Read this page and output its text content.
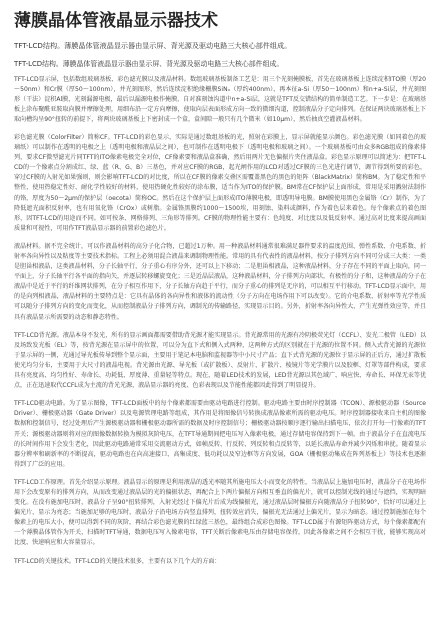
薄膜晶体管液晶显示器技术

TFT-LCD结构。薄膜晶体管液晶显示器由显示屏、背光源及驱动电路三大核心部件组成。

TFT-LCD结构。薄膜晶体管液晶显示器由显示屏、背光源及驱动电路三大核心部件组成。

TFT-LCD显示屏，包括数组玻璃基板、彩色滤光膜以及液晶材料。数组玻璃基板制备工艺是：用三个光刻掩膜板，首先在玻璃基板上连续淀积ITO膜（厚20～50nm）和Cr膜（厚50～100nm），并光刻图形，然后连续淀积绝缘栅膜SiNₓ（厚约400nm）、再本征a-Si（厚50～100nm）和n+a-Si层，并光刻图形（干法）淀积Al膜，光刻漏源电极，最后以漏源电极作掩膜，自对准刻蚀沟道中n+a-Si层，这就是TFT反交错结构的简单制造工艺。下一步是：在玻璃基板上涂布聚酰亚胺取向膜并摩擦处理，用细布沿一定方向摩擦，使取向层表面形成方向一致的微细沟道，控制液晶分子定向排列。在保证两块玻璃基板上下取向槽沟呈90°扭转的前提下，将两块玻璃基板上下密封成一个盒，盒间隙一般只有几个微米（如10μm），然后抽真空灌液晶材料。

彩色滤光膜（ColorFilter）简称CF。TFT-LCD的彩色显示，实际是通过数组基板的光，照射在彩膜上，显示屏就能显示颜色。彩色滤光膜（如同着色的玻璃纸）可以制作在透明的电极之上（透明电极和液晶层之间），也可制作在透明电极下（透明电极和玻璃之间）。一个玻璃基板可由众多RGB组成的像素排列，要求CF微型滤光片同TFT的ITO像素电极完全对位，CF像素要和液晶盒准确，然后用两片无色偏振片夹住液晶盒。彩色显示原理可以简述为：把TFT-LCD的一个像素点分割成红、绿、蓝（R、G、B）三基色，并对应CF膜的RGB，起光闸作用的LCD对透过CF膜的三色光进行调节，调节得到所要的彩色，穿过CF膜的入射光如果强则，则会影响TFT-LCD的对比度，所以在CF膜的像素交叠区需覆盖黑色的黑色的矩阵（BlackMatrix）简称BM。为了稳定性和平整性，使用热稳定性好、耐化学性较好的材料，使用热硬化性较好的涂布膜，适当作为ITO的保护膜。BM常在CF保护层上面形成，常用是采用溅射法制作的铬，厚度为50～2μm的保护层（oecota）简称OC。然后在这个保护层上面形成ITO薄膜电极，即透明导电膜。BM膜使用黑色金属铬（Cr）制作，为了降低遮光面积反射率，也有用氧化铬（CrOx）或树脂。金属铬黑膜约1000～1500埃，用刻蚀、染料或颜料，作为着色层来着色。每个像素点的着色图形，因TFT-LCD的用途而不同。如可按条、网格排列、三角形等排列。CF膜的物理性能主要有：色纯度、对比度以及低反射率。通过高对比度来提高画面质量和可视性，可用作TFT液晶显示器的前置彩色滤色片。

液晶材料。据不完全统计，可以作液晶材料的高分子化合物，已超过1万种。用一种液晶材料通常很难满足器件要求的温度范围、弹性系数、介电系数、折射率各向异性以及粘度等主要技术指标。工程上必须用混合液晶来调制物理性能。常用的具有代表性的液晶材料，按分子排列方向不同可分成三大类：一类是胆甾相液晶，这类液晶材料，分子长轴平行，分子重心有序分外，还可以上下移动；二是胆甾相液晶，这种液晶材料，分子存在不同的平面上取向，同一平面上，分子长轴平行各平面的指向矢，并逐层转移螺旋变化；三是近晶层液晶，这种液晶材料，分子排列方向部状，有极性的分子和，这种液晶的分子在液晶中是近于平行的纤维网状排列，在分子相互作用下，分子长轴方向趋于平行，而分子重心的排列是无序的，可以相互平行移动。TFT-LCD显示面中，用的是向列相液晶，液晶材料的主要特点是：它具有晶体的各向异性和液体的流动性（分子方向在电场作用下可以改变）。它的介电系数、折射率等光学性质可以随分子排列方向的变化而变化，从而控制液晶分子排列方向，调制光的传输路径，实现显示目的。另外，折射率各向异性大，产生光弹性效应等，并且具有液晶显示所需要的动态和静态特性。

TFT-LCD背光源。液晶本身不发光，所有的显示画面都需要借助背光源才能实现显示。背光源常用的光源有冷阴极荧光灯（CCFL）、发光二极管（LED）以及场致发光板（EL）等，按背光源在显示屏中的位置，可以分为直下式和侧入式两种，这两种方式的区别就在于光源的位置不同。侧入式背光源的光源位于显示屏的一侧，光通过导光板传导到整个显示面，主要用于笔记本电脑和监视器等中小尺寸产品；直下式背光源的光源位于显示屏的正后方，通过扩散板使光均匀分布，主要用于大尺寸的液晶电视。背光源由光源、导光板（或扩散板）、反射片、扩散片、棱镜片等光学膜片以及胶框、灯罩等部件构成，要求具有亮度高、均匀性好、寿命长、功耗低、厚度薄、重量轻等特点。现在，随着LED技术的发展，LED背光源以其色域广、响应快、寿命长、环保无汞等优点，正在迅速取代CCFL成为主流的背光光源，液晶显示器的亮度、色彩表现以及节能性能都因此得到了明显提升。

TFT-LCD驱动电路。为了显示图像，TFT-LCD面板中的每个像素都需要由驱动电路进行控制。驱动电路主要由时序控制器（TCON）、源极驱动器（Source Driver）、栅极驱动器（Gate Driver）以及电源管理电路等组成，其作用是将图像信号转换成液晶像素所需的驱动电压。时序控制器接收来自主机的图像数据和控制信号，经过处理后产生源极驱动器和栅极驱动器所需的数据及时序控制信号；栅极驱动器按顺序逐行输出扫描电压，依次打开每一行像素的TFT开关；源极驱动器则将对应的图像数据转换为模拟灰阶电压，在TFT导通期间把电压写入像素电极，通过存储电容保持到下一帧。由于液晶分子在直流电压的长时间作用下会发生老化，因此驱动电路通常采用交流驱动方式，如帧反转、行反转、列反转和点反转等，以延长液晶寿命并减少闪烁和串扰。随着显示器分辨率和刷新率的不断提高，驱动电路也在向高速接口、高集成度、低功耗以及窄边框等方向发展，GOA（栅极驱动集成在阵列基板上）等技术也逐渐得到了广泛的应用。

TFT-LCD工作原理。首先介绍显示原理。液晶显示的原理是利用液晶的透光率随其所施电压大小而变化的特性，当液晶层上施加电压时，液晶分子在电场作用下会改变原有的排列方向，从而改变通过液晶层的光的偏振状态，再配合上下两片偏振方向相互垂直的偏光片，就可以控制光线的通过与遮挡，实现明暗变化。在没有施加电压时，液晶分子呈90°扭转排列，入射光经过下偏光片后成为线偏振光，通过液晶层时偏振方向随液晶分子扭转90°，恰好可以通过上偏光片，显示为亮态；当施加足够的电压时，液晶分子沿电场方向竖直排列，扭转效应消失，偏振光无法通过上偏光片，显示为暗态。通过控制施加在每个像素上的电压大小，便可以得到不同的灰阶，再结合彩色滤光膜的红绿蓝三基色，最终组合成彩色图像。TFT-LCD属于有源矩阵驱动方式，每个像素都配有一个薄膜晶体管作为开关，扫描时TFT导通，数据电压写入像素电容，TFT关断后像素电压由存储电容保持，因此各像素之间不会相互干扰，能够实现高对比度、快速响应和大容量显示。

TFT-LCD的关键技术。TFT-LCD的关键技术很多，主要有以下几个大的方面：
